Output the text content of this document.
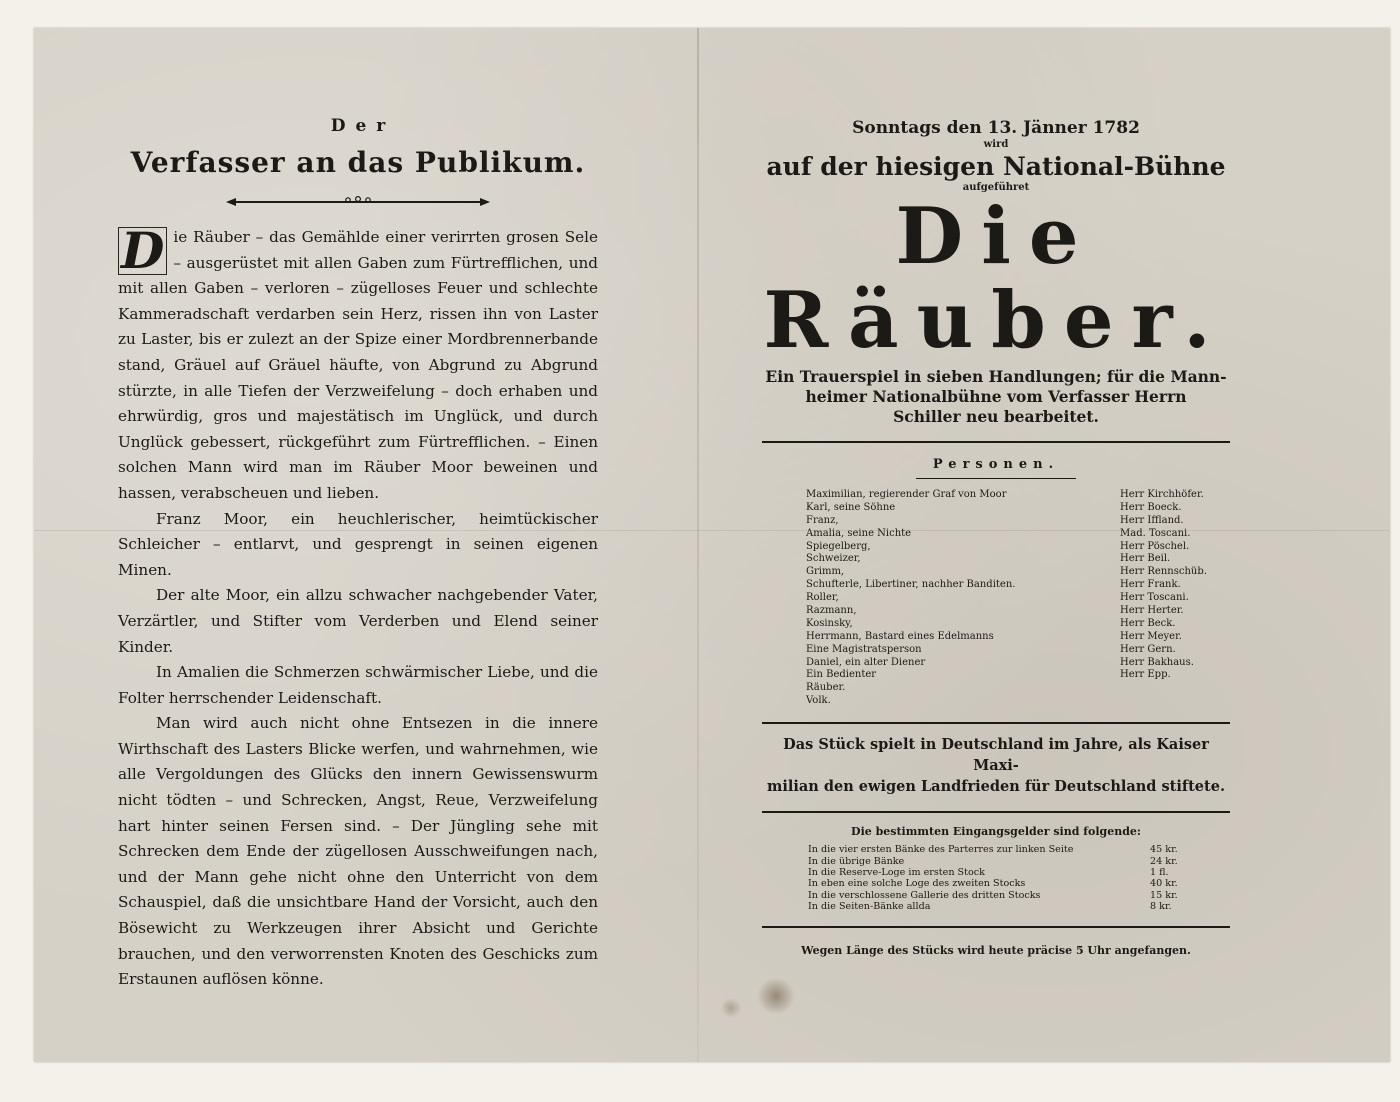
Der
Verfasser an das Publikum.

D ie Räuber – das Gemählde einer verirrten grosen Sele – ausgerüstet mit allen Gaben zum Fürtrefflichen, und mit allen Gaben – verloren – zügelloses Feuer und schlechte Kammeradschaft verdarben sein Herz, rissen ihn von Laster zu Laster, bis er zulezt an der Spize einer Mordbrennerbande stand, Gräuel auf Gräuel häufte, von Abgrund zu Abgrund stürzte, in alle Tiefen der Verzweifelung – doch erhaben und ehrwürdig, gros und majestätisch im Unglück, und durch Unglück gebessert, rückgeführt zum Fürtrefflichen. – Einen solchen Mann wird man im Räuber Moor beweinen und hassen, verabscheuen und lieben.

Franz Moor, ein heuchlerischer, heimtückischer Schleicher – entlarvt, und gesprengt in seinen eigenen Minen.

Der alte Moor, ein allzu schwacher nachgebender Vater, Verzärtler, und Stifter vom Verderben und Elend seiner Kinder.

In Amalien die Schmerzen schwärmischer Liebe, und die Folter herrschender Leidenschaft.

Man wird auch nicht ohne Entsezen in die innere Wirthschaft des Lasters Blicke werfen, und wahrnehmen, wie alle Vergoldungen des Glücks den innern Gewissenswurm nicht tödten – und Schrecken, Angst, Reue, Verzweifelung hart hinter seinen Fersen sind. – Der Jüngling sehe mit Schrecken dem Ende der zügellosen Ausschweifungen nach, und der Mann gehe nicht ohne den Unterricht von dem Schauspiel, daß die unsichtbare Hand der Vorsicht, auch den Bösewicht zu Werkzeugen ihrer Absicht und Gerichte brauchen, und den verworrensten Knoten des Geschicks zum Erstaunen auflösen könne.

Sonntags den 13. Jänner 1782
wird
auf der hiesigen National-Bühne
aufgeführet
Die Räuber.
Ein Trauerspiel in sieben Handlungen; für die Mann-
heimer Nationalbühne vom Verfasser Herrn
Schiller neu bearbeitet.
Personen.
Maximilian, regierender Graf von Moor	Herr Kirchhöfer.
Karl, seine Söhne	Herr Boeck.
Franz,	Herr Iffland.
Amalia, seine Nichte	Mad. Toscani.
Spiegelberg,	Herr Pöschel.
Schweizer,	Herr Beil.
Grimm,	Herr Rennschüb.
Schufterle, Libertiner, nachher Banditen.	Herr Frank.
Roller,	Herr Toscani.
Razmann,	Herr Herter.
Kosinsky,	Herr Beck.
Herrmann, Bastard eines Edelmanns	Herr Meyer.
Eine Magistratsperson	Herr Gern.
Daniel, ein alter Diener	Herr Bakhaus.
Ein Bedienter	Herr Epp.
Räuber.
Volk.
Das Stück spielt in Deutschland im Jahre, als Kaiser Maxi-
milian den ewigen Landfrieden für Deutschland stiftete.
Die bestimmten Eingangsgelder sind folgende:
In die vier ersten Bänke des Parterres zur linken Seite	45 kr.
In die übrige Bänke	24 kr.
In die Reserve-Loge im ersten Stock	1 fl.
In eben eine solche Loge des zweiten Stocks	40 kr.
In die verschlossene Gallerie des dritten Stocks	15 kr.
In die Seiten-Bänke allda	8 kr.
Wegen Länge des Stücks wird heute präcise 5 Uhr angefangen.
